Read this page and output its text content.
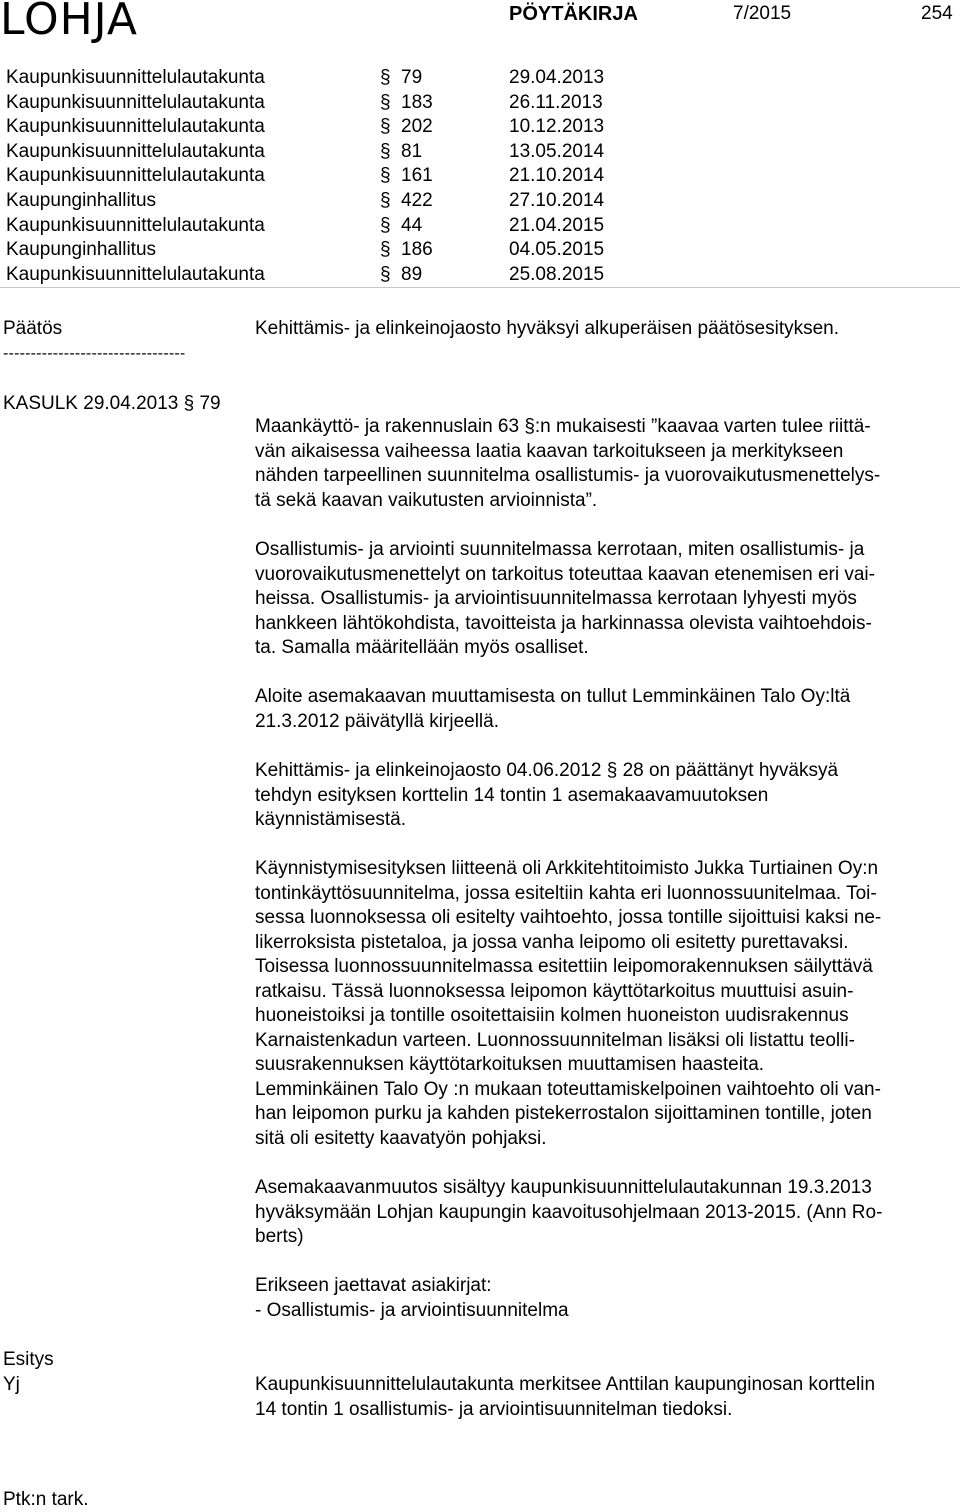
LOHJA	PÖYTÄKIRJA	7/2015	254
Kaupunkisuunnittelulautakunta	§ 79	29.04.2013
Kaupunkisuunnittelulautakunta	§ 183	26.11.2013
Kaupunkisuunnittelulautakunta	§ 202	10.12.2013
Kaupunkisuunnittelulautakunta	§ 81	13.05.2014
Kaupunkisuunnittelulautakunta	§ 161	21.10.2014
Kaupunginhallitus	§ 422	27.10.2014
Kaupunkisuunnittelulautakunta	§ 44	21.04.2015
Kaupunginhallitus	§ 186	04.05.2015
Kaupunkisuunnittelulautakunta	§ 89	25.08.2015
Päätös
---------------------------------
Kehittämis- ja elinkeinojaosto hyväksyi alkuperäisen päätösesityksen.
KASULK 29.04.2013 § 79
Maankäyttö- ja rakennuslain 63 §:n mukaisesti ”kaavaa varten tulee riittä-
vän aikaisessa vaiheessa laatia kaavan tarkoitukseen ja merkitykseen
nähden tarpeellinen suunnitelma osallistumis- ja vuorovaikutusmenettelys-
tä sekä kaavan vaikutusten arvioinnista”.
Osallistumis- ja arviointi suunnitelmassa kerrotaan, miten osallistumis- ja
vuorovaikutusmenettelyt on tarkoitus toteuttaa kaavan etenemisen eri vai-
heissa. Osallistumis- ja arviointisuunnitelmassa kerrotaan lyhyesti myös
hankkeen lähtökohdista, tavoitteista ja harkinnassa olevista vaihtoehdois-
ta. Samalla määritellään myös osalliset.
Aloite asemakaavan muuttamisesta on tullut Lemminkäinen Talo Oy:ltä
21.3.2012 päivätyllä kirjeellä.
Kehittämis- ja elinkeinojaosto 04.06.2012 § 28 on päättänyt hyväksyä
tehdyn esityksen korttelin 14 tontin 1 asemakaavamuutoksen
käynnistämisestä.
Käynnistymisesityksen liitteenä oli Arkkitehtitoimisto Jukka Turtiainen Oy:n
tontinkäyttösuunnitelma, jossa esiteltiin kahta eri luonnossuunitelmaa. Toi-
sessa luonnoksessa oli esitelty vaihtoehto, jossa tontille sijoittuisi kaksi ne-
likerroksista pistetaloa, ja jossa vanha leipomo oli esitetty purettavaksi.
Toisessa luonnossuunnitelmassa esitettiin leipomorakennuksen säilyttävä
ratkaisu. Tässä luonnoksessa leipomon käyttötarkoitus muuttuisi asuin-
huoneistoiksi ja tontille osoitettaisiin kolmen huoneiston uudisrakennus
Karnaistenkadun varteen. Luonnossuunnitelman lisäksi oli listattu teolli-
suusrakennuksen käyttötarkoituksen muuttamisen haasteita.
Lemminkäinen Talo Oy :n mukaan toteuttamiskelpoinen vaihtoehto oli van-
han leipomon purku ja kahden pistekerrostalon sijoittaminen tontille, joten
sitä oli esitetty kaavatyön pohjaksi.
Asemakaavanmuutos sisältyy kaupunkisuunnittelulautakunnan 19.3.2013
hyväksymään Lohjan kaupungin kaavoitusohjelmaan 2013-2015. (Ann Ro-
berts)
Erikseen jaettavat asiakirjat:
- Osallistumis- ja arviointisuunnitelma
Esitys
Yj	Kaupunkisuunnittelulautakunta merkitsee Anttilan kaupunginosan korttelin
14 tontin 1 osallistumis- ja arviointisuunnitelman tiedoksi.
Ptk:n tark.
